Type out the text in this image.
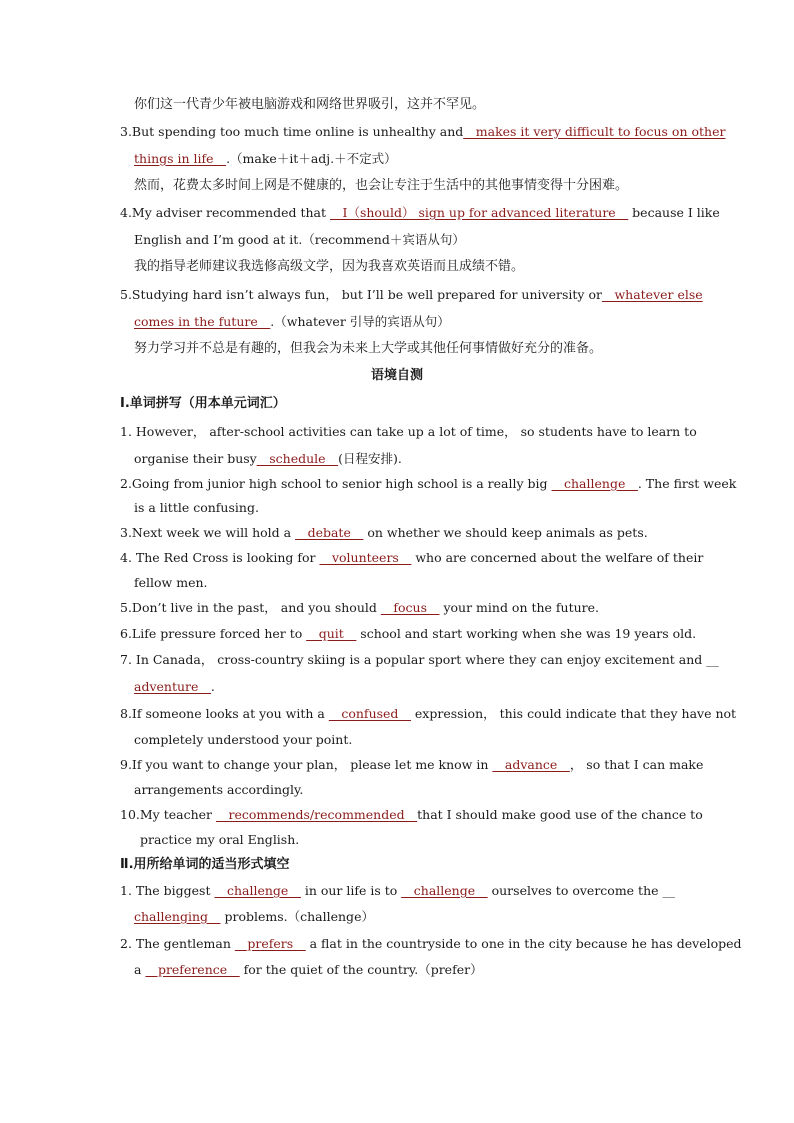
你们这一代青少年被电脑游戏和网络世界吸引，这并不罕见。
3.But spending too much time online is unhealthy and__makes it very difficult to focus on other
things in life__.（make＋it＋adj.＋不定式）
然而，花费太多时间上网是不健康的，也会让专注于生活中的其他事情变得十分困难。
4.My adviser recommended that __I（should） sign up for advanced literature__ because I like
English and I’m good at it.（recommend＋宾语从句）
我的指导老师建议我选修高级文学，因为我喜欢英语而且成绩不错。
5.Studying hard isn’t always fun， but I’ll be well prepared for university or__whatever else
comes in the future__.（whatever 引导的宾语从句）
努力学习并不总是有趣的，但我会为未来上大学或其他任何事情做好充分的准备。
语境自测
Ⅰ.单词拼写（用本单元词汇）
1. However， after-school activities can take up a lot of time， so students have to learn to
organise their busy__schedule__(日程安排).
2.Going from junior high school to senior high school is a really big __challenge__. The first week
is a little confusing.
3.Next week we will hold a __debate__ on whether we should keep animals as pets.
4. The Red Cross is looking for __volunteers__ who are concerned about the welfare of their
fellow men.
5.Don’t live in the past， and you should __focus__ your mind on the future.
6.Life pressure forced her to __quit__ school and start working when she was 19 years old.
7. In Canada， cross-country skiing is a popular sport where they can enjoy excitement and __
adventure__.
8.If someone looks at you with a __confused__ expression， this could indicate that they have not
completely understood your point.
9.If you want to change your plan， please let me know in __advance__， so that I can make
arrangements accordingly.
10.My teacher __recommends/recommended__that I should make good use of the chance to
practice my oral English.
Ⅱ.用所给单词的适当形式填空
1. The biggest __challenge__ in our life is to __challenge__ ourselves to overcome the __
challenging__ problems.（challenge）
2. The gentleman __prefers__ a flat in the countryside to one in the city because he has developed
a __preference__ for the quiet of the country.（prefer）
